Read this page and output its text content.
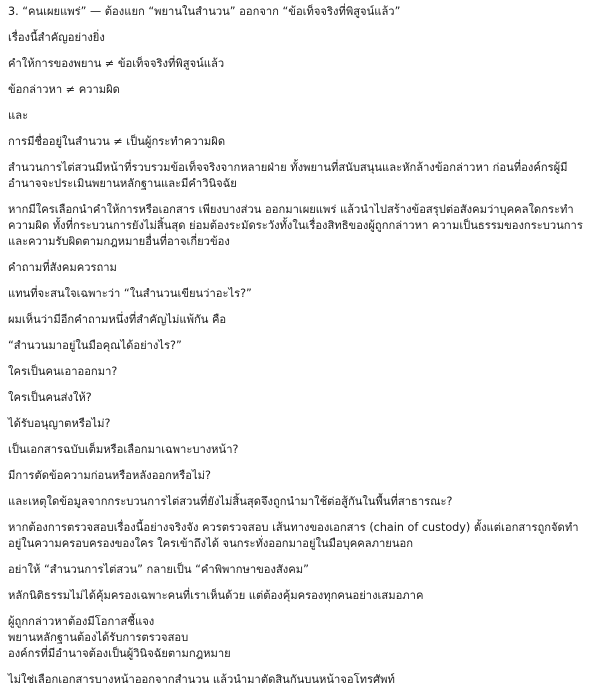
3. “คนเผยแพร่” — ต้องแยก “พยานในสำนวน” ออกจาก “ข้อเท็จจริงที่พิสูจน์แล้ว”
เรื่องนี้สำคัญอย่างยิ่ง
คำให้การของพยาน ≠ ข้อเท็จจริงที่พิสูจน์แล้ว
ข้อกล่าวหา ≠ ความผิด
และ
การมีชื่ออยู่ในสำนวน ≠ เป็นผู้กระทำความผิด
สำนวนการไต่สวนมีหน้าที่รวบรวมข้อเท็จจริงจากหลายฝ่าย ทั้งพยานที่สนับสนุนและหักล้างข้อกล่าวหา ก่อนที่องค์กรผู้มีอำนาจจะประเมินพยานหลักฐานและมีคำวินิจฉัย
หากมีใครเลือกนำคำให้การหรือเอกสาร เพียงบางส่วน ออกมาเผยแพร่ แล้วนำไปสร้างข้อสรุปต่อสังคมว่าบุคคลใดกระทำความผิด ทั้งที่กระบวนการยังไม่สิ้นสุด ย่อมต้องระมัดระวังทั้งในเรื่องสิทธิของผู้ถูกกล่าวหา ความเป็นธรรมของกระบวนการ และความรับผิดตามกฎหมายอื่นที่อาจเกี่ยวข้อง
คำถามที่สังคมควรถาม
แทนที่จะสนใจเฉพาะว่า “ในสำนวนเขียนว่าอะไร?”
ผมเห็นว่ามีอีกคำถามหนึ่งที่สำคัญไม่แพ้กัน คือ
“สำนวนมาอยู่ในมือคุณได้อย่างไร?”
ใครเป็นคนเอาออกมา?
ใครเป็นคนส่งให้?
ได้รับอนุญาตหรือไม่?
เป็นเอกสารฉบับเต็มหรือเลือกมาเฉพาะบางหน้า?
มีการตัดข้อความก่อนหรือหลังออกหรือไม่?
และเหตุใดข้อมูลจากกระบวนการไต่สวนที่ยังไม่สิ้นสุดจึงถูกนำมาใช้ต่อสู้กันในพื้นที่สาธารณะ?
หากต้องการตรวจสอบเรื่องนี้อย่างจริงจัง ควรตรวจสอบ เส้นทางของเอกสาร (chain of custody) ตั้งแต่เอกสารถูกจัดทำ อยู่ในความครอบครองของใคร ใครเข้าถึงได้ จนกระทั่งออกมาอยู่ในมือบุคคลภายนอก
อย่าให้ “สำนวนการไต่สวน” กลายเป็น “คำพิพากษาของสังคม”
หลักนิติธรรมไม่ได้คุ้มครองเฉพาะคนที่เราเห็นด้วย แต่ต้องคุ้มครองทุกคนอย่างเสมอภาค
ผู้ถูกกล่าวหาต้องมีโอกาสชี้แจง
พยานหลักฐานต้องได้รับการตรวจสอบ
องค์กรที่มีอำนาจต้องเป็นผู้วินิจฉัยตามกฎหมาย
ไม่ใช่เลือกเอกสารบางหน้าออกจากสำนวน แล้วนำมาตัดสินกันบนหน้าจอโทรศัพท์
